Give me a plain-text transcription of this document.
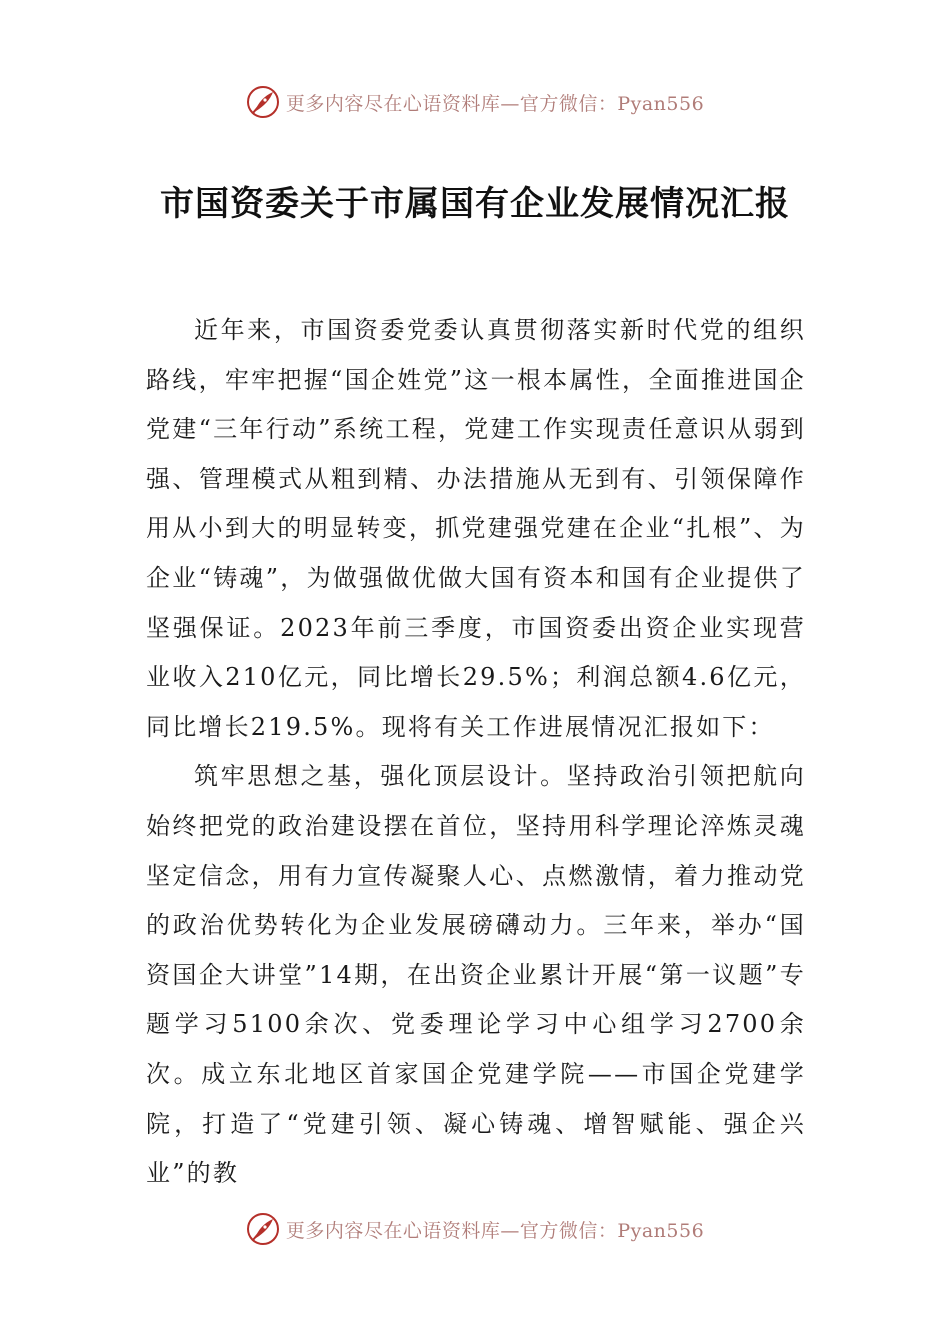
更多内容尽在心语资料库—官方微信：Pyan556
市国资委关于市属国有企业发展情况汇报

近年来，市国资委党委认真贯彻落实新时代党的组织路线，牢牢把握“国企姓党”这一根本属性，全面推进国企党建“三年行动”系统工程，党建工作实现责任意识从弱到强、管理模式从粗到精、办法措施从无到有、引领保障作用从小到大的明显转变，抓党建强党建在企业“扎根”、为企业“铸魂”，为做强做优做大国有资本和国有企业提供了坚强保证。2023年前三季度，市国资委出资企业实现营业收入210亿元，同比增长29.5%；利润总额4.6亿元，同比增长219.5%。现将有关工作进展情况汇报如下：

筑牢思想之基，强化顶层设计。坚持政治引领把航向始终把党的政治建设摆在首位，坚持用科学理论淬炼灵魂坚定信念，用有力宣传凝聚人心、点燃激情，着力推动党的政治优势转化为企业发展磅礴动力。三年来，举办“国资国企大讲堂”14期，在出资企业累计开展“第一议题”专题学习5100余次、党委理论学习中心组学习2700余次。成立东北地区首家国企党建学院——市国企党建学院，打造了“党建引领、凝心铸魂、增智赋能、强企兴业”的教

更多内容尽在心语资料库—官方微信：Pyan556
